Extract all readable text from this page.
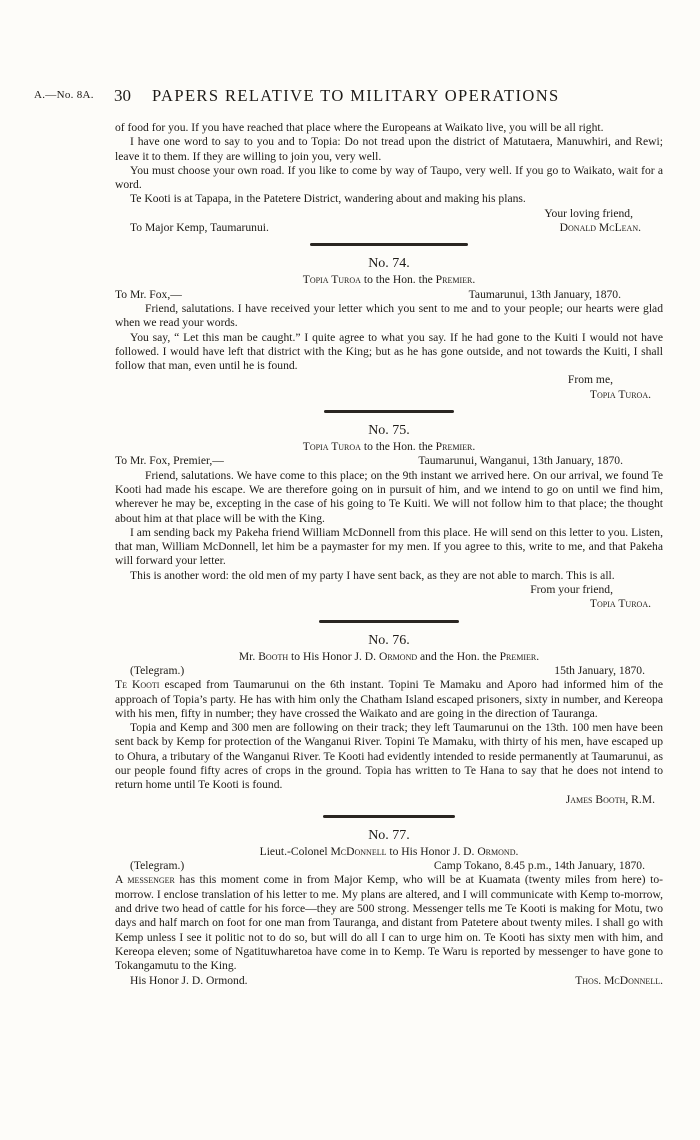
A.—No. 8A. 30 PAPERS RELATIVE TO MILITARY OPERATIONS

of food for you. If you have reached that place where the Europeans at Waikato live, you will be all right.

I have one word to say to you and to Topia: Do not tread upon the district of Matutaera, Manuwhiri, and Rewi; leave it to them. If they are willing to join you, very well.

You must choose your own road. If you like to come by way of Taupo, very well. If you go to Waikato, wait for a word.

Te Kooti is at Tapapa, in the Patetere District, wandering about and making his plans.

Your loving friend,

To Major Kemp, Taumarunui.	Donald McLean.
No. 74.

Topia Turoa to the Hon. the Premier.

To Mr. Fox,—	Taumarunui, 13th January, 1870.

Friend, salutations. I have received your letter which you sent to me and to your people; our hearts were glad when we read your words.

You say, “ Let this man be caught.” I quite agree to what you say. If he had gone to the Kuiti I would not have followed. I would have left that district with the King; but as he has gone outside, and not towards the Kuiti, I shall follow that man, even until he is found.

From me,

Topia Turoa.

No. 75.

Topia Turoa to the Hon. the Premier.

To Mr. Fox, Premier,—	Taumarunui, Wanganui, 13th January, 1870.

Friend, salutations. We have come to this place; on the 9th instant we arrived here. On our arrival, we found Te Kooti had made his escape. We are therefore going on in pursuit of him, and we intend to go on until we find him, wherever he may be, excepting in the case of his going to Te Kuiti. We will not follow him to that place; the thought about him at that place will be with the King.

I am sending back my Pakeha friend William McDonnell from this place. He will send on this letter to you. Listen, that man, William McDonnell, let him be a paymaster for my men. If you agree to this, write to me, and that Pakeha will forward your letter.

This is another word: the old men of my party I have sent back, as they are not able to march. This is all.

From your friend,

Topia Turoa.

No. 76.

Mr. Booth to His Honor J. D. Ormond and the Hon. the Premier.

(Telegram.)	15th January, 1870.

Te Kooti escaped from Taumarunui on the 6th instant. Topini Te Mamaku and Aporo had informed him of the approach of Topia’s party. He has with him only the Chatham Island escaped prisoners, sixty in number, and Kereopa with his men, fifty in number; they have crossed the Waikato and are going in the direction of Tauranga.

Topia and Kemp and 300 men are following on their track; they left Taumarunui on the 13th. 100 men have been sent back by Kemp for protection of the Wanganui River. Topini Te Mamaku, with thirty of his men, have escaped up to Ohura, a tributary of the Wanganui River. Te Kooti had evidently intended to reside permanently at Taumarunui, as our people found fifty acres of crops in the ground. Topia has written to Te Hana to say that he does not intend to return home until Te Kooti is found.

James Booth, R.M.

No. 77.

Lieut.-Colonel McDonnell to His Honor J. D. Ormond.

(Telegram.)	Camp Tokano, 8.45 p.m., 14th January, 1870.

A messenger has this moment come in from Major Kemp, who will be at Kuamata (twenty miles from here) to-morrow. I enclose translation of his letter to me. My plans are altered, and I will communicate with Kemp to-morrow, and drive two head of cattle for his force—they are 500 strong. Messenger tells me Te Kooti is making for Motu, two days and half march on foot for one man from Tauranga, and distant from Patetere about twenty miles. I shall go with Kemp unless I see it politic not to do so, but will do all I can to urge him on. Te Kooti has sixty men with him, and Kereopa eleven; some of Ngatituwharetoa have come in to Kemp. Te Waru is reported by messenger to have gone to Tokangamutu to the King.

His Honor J. D. Ormond.	Thos. McDonnell.
